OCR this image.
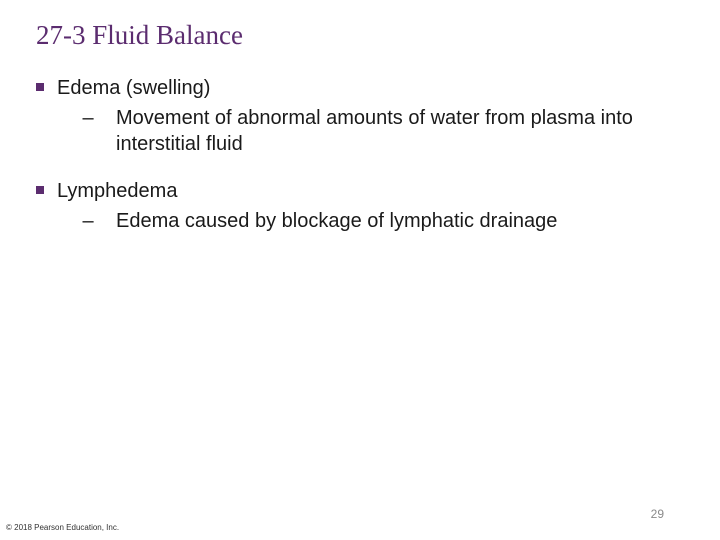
27-3 Fluid Balance
Edema (swelling)
–	Movement of abnormal amounts of water from plasma into interstitial fluid
Lymphedema
–	Edema caused by blockage of lymphatic drainage
29
© 2018 Pearson Education, Inc.
